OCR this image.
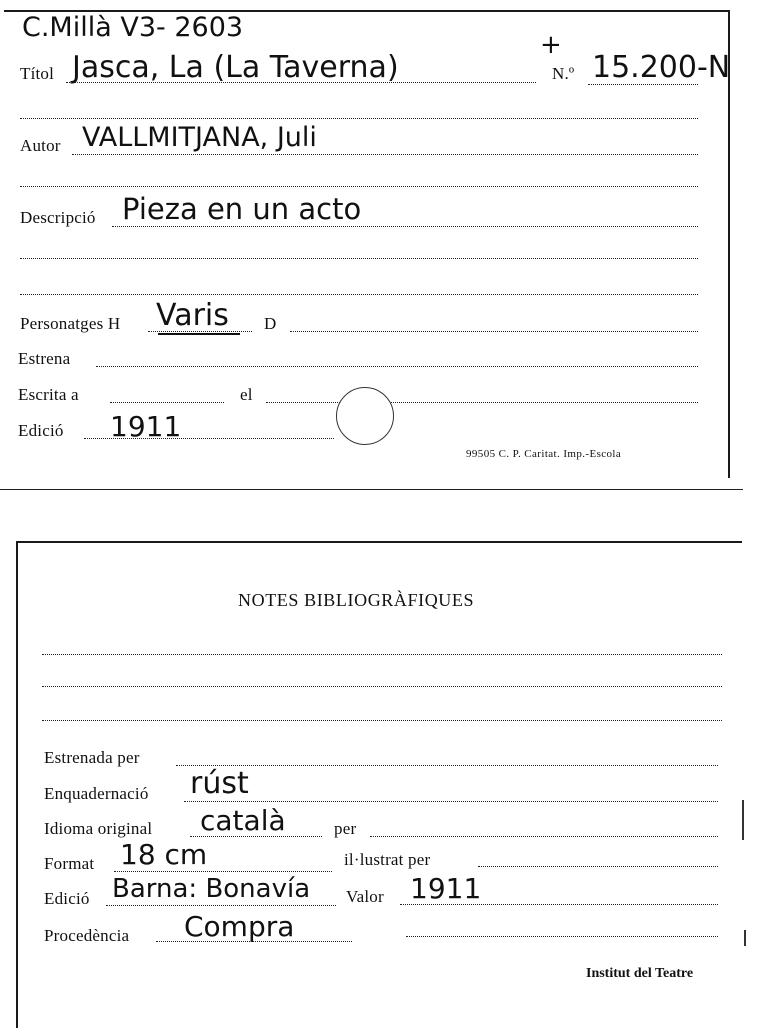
C.Millà V3- 2603
+
Títol Jasca, La (La Taverna)	N.º 15.200-N
Autor VALLMITJANA, Juli
Descripció Pieza en un acto
Personatges H Varis D
Estrena
Escrita a	el
Edició 1911
99505 C. P. Caritat. Imp.-Escola
NOTES BIBLIOGRÀFIQUES
Estrenada per
Enquadernació rúst
Idioma original català	per
Format 18 cm	il·lustrat per
Edició Barna: Bonavía Valor 1911
Procedència Compra
Institut del Teatre
